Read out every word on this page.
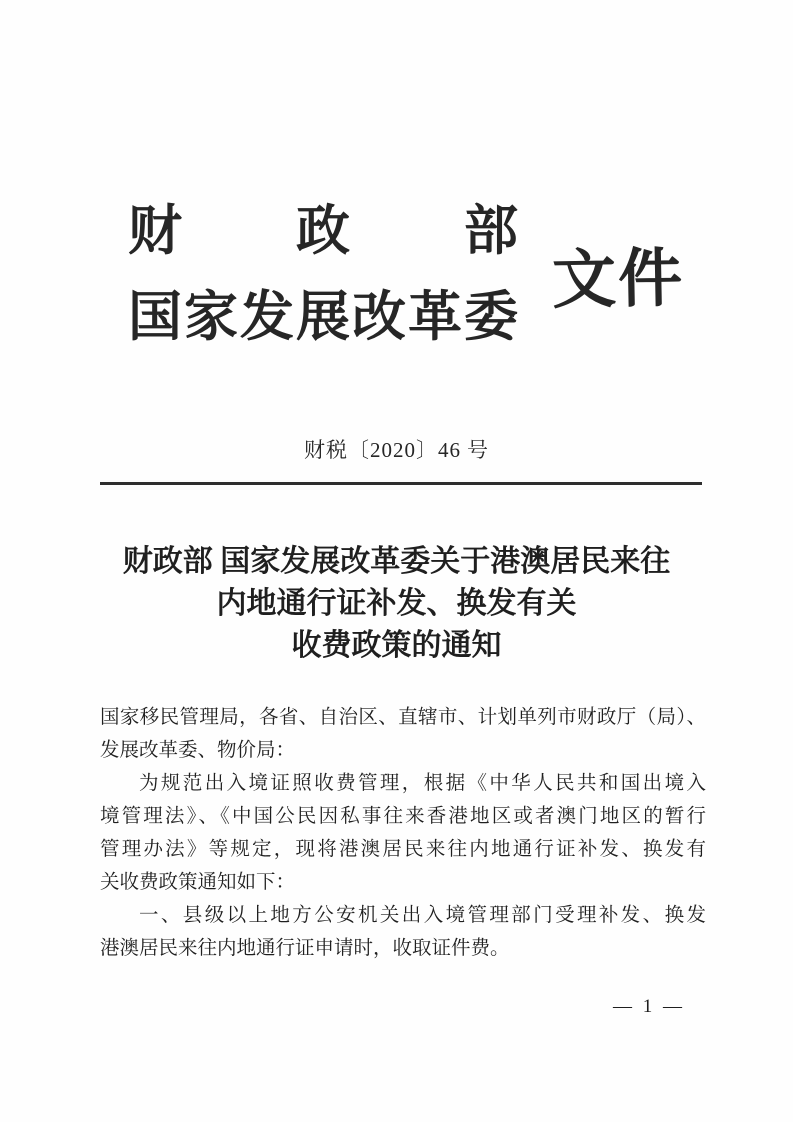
财政部
国家发展改革委
文件
财税〔2020〕46 号
财政部 国家发展改革委关于港澳居民来往
内地通行证补发、换发有关
收费政策的通知
国家移民管理局，各省、自治区、直辖市、计划单列市财政厅（局）、
发展改革委、物价局：
为规范出入境证照收费管理，根据《中华人民共和国出境入
境管理法》、《中国公民因私事往来香港地区或者澳门地区的暂行
管理办法》等规定，现将港澳居民来往内地通行证补发、换发有
关收费政策通知如下：
一、县级以上地方公安机关出入境管理部门受理补发、换发
港澳居民来往内地通行证申请时，收取证件费。
— 1 —
